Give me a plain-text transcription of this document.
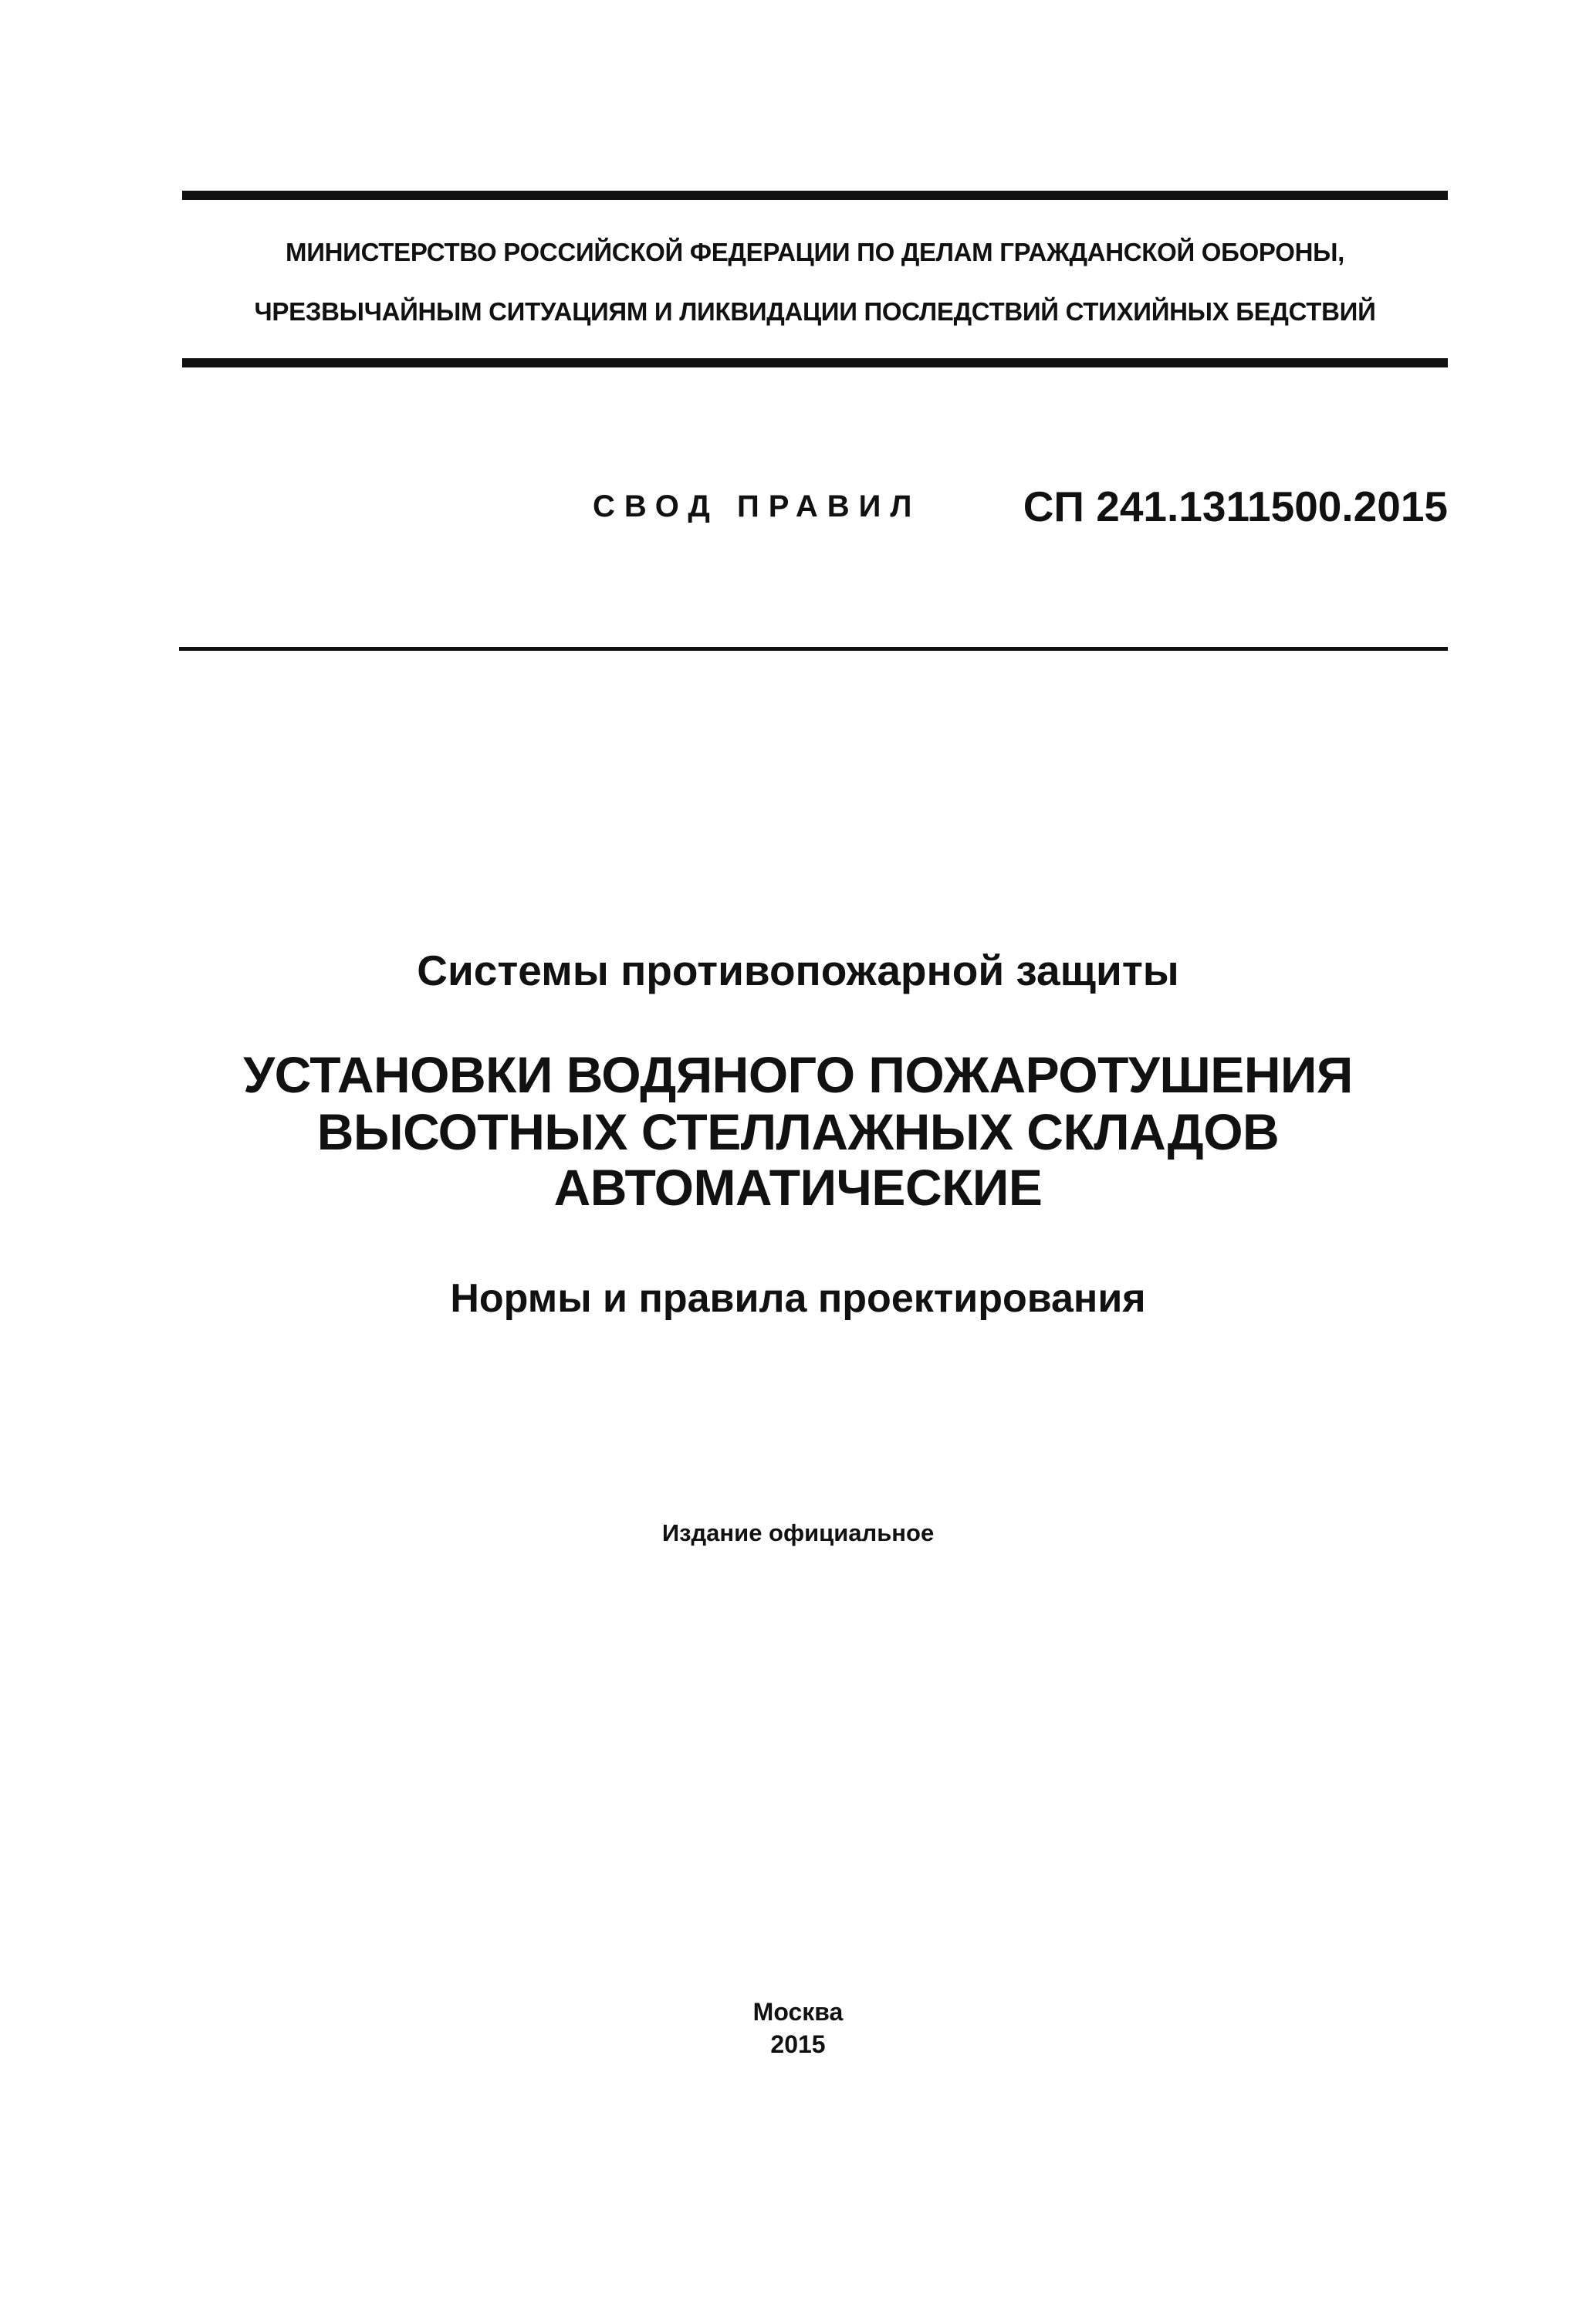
МИНИСТЕРСТВО РОССИЙСКОЙ ФЕДЕРАЦИИ ПО ДЕЛАМ ГРАЖДАНСКОЙ ОБОРОНЫ,
ЧРЕЗВЫЧАЙНЫМ СИТУАЦИЯМ И ЛИКВИДАЦИИ ПОСЛЕДСТВИЙ СТИХИЙНЫХ БЕДСТВИЙ
СВОД ПРАВИЛ СП 241.1311500.2015
Системы противопожарной защиты
УСТАНОВКИ ВОДЯНОГО ПОЖАРОТУШЕНИЯ
ВЫСОТНЫХ СТЕЛЛАЖНЫХ СКЛАДОВ
АВТОМАТИЧЕСКИЕ
Нормы и правила проектирования
Издание официальное
Москва
2015
